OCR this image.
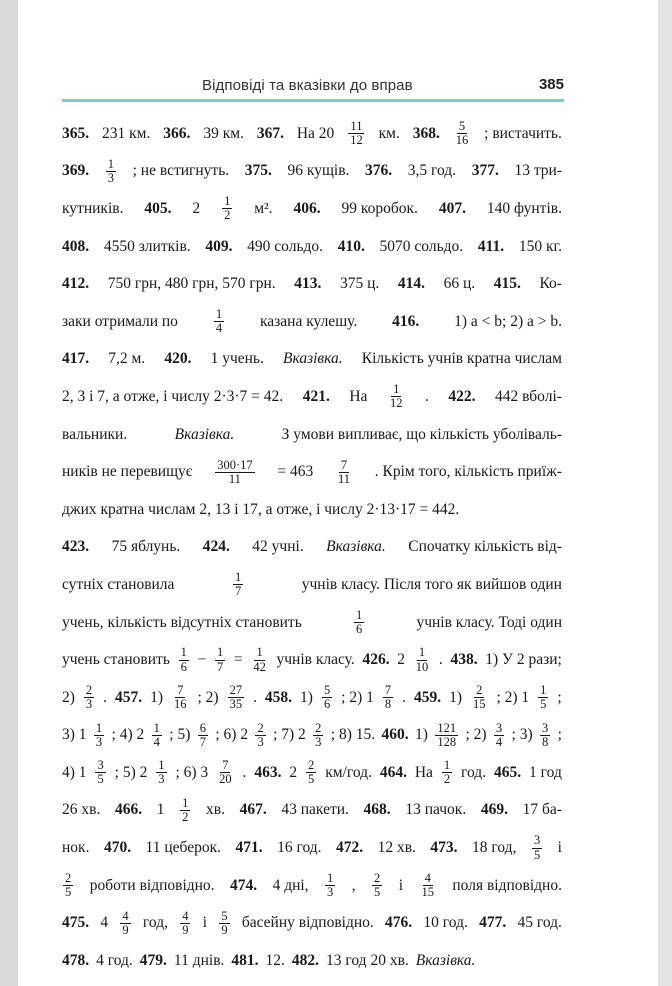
Відповіді та вказівки до вправ	385
365. 231 км. 366. 39 км. 367. На $20 \frac{11}{12}$ км. 368. $\frac{5}{16}$ ; вистачить.
369. $\frac{1}{3}$ ; не встигнуть. 375. 96 кущів. 376. 3,5 год. 377. 13 три-
кутників. 405. $2 \frac{1}{2} м^2$. 406. 99 коробок. 407. 140 фунтів.
408. 4550 злитків. 409. 490 сольдо. 410. 5070 сольдо. 411. 150 кг.
412. 750 грн, 480 грн, 570 грн. 413. 375 ц. 414. 66 ц. 415. Ко-
заки отримали по	$\frac{1}{4}$ казана кулешу. 416. 1) a < b; 2) a > b.
417. 7,2 м. 420. 1 учень. Вказівка. Кількість учнів кратна числам
2, 3 і 7, а отже, і числу 2·3·7 = 42. 421. На $\frac{1}{12}$ . 422. 442 вболі-
вальники.	Вказівка.	З умови випливає, що кількість уболіваль-
ників не перевищує $\frac{300\cdot 17}{11} = 463 \frac{7}{11}$ . Крім того, кількість приїж-
джих кратна числам 2, 13 і 17, а отже, і числу 2·13·17 = 442.
423. 75 яблунь. 424. 42 учні. Вказівка. Спочатку кількість від-
сутніх становила	$\frac{1}{7}$	учнів класу. Після того як вийшов один
учень, кількість відсутніх становить	$\frac{1}{6}$	учнів класу. Тоді один
учень становить $\frac{1}{6} - \frac{1}{7} = \frac{1}{42}$ учнів класу. 426. $2 \frac{1}{10}$ . 438. 1) У 2 рази;
$2) \frac{2}{3}$ . 457. $1) \frac{7}{16}$ ; $2) \frac{27}{35}$ . 458. $1) \frac{5}{6}$ ; 2) $1 \frac{7}{8}$ . 459. $1) \frac{2}{15}$ ; 2) $1 \frac{1}{5}$ ;
3) $1 \frac{1}{3}$ ; 4) $2 \frac{1}{4}$ ; $5) \frac{6}{7}$ ; 6) $2 \frac{2}{3}$ ; 7) $2 \frac{2}{3}$ ; 8) 15. 460. $1) \frac{121}{128}$ ; $2) \frac{3}{4}$ ; $3) \frac{3}{8}$ ;
4) $1 \frac{3}{5}$ ; 5) $2 \frac{1}{3}$ ; 6) $3 \frac{7}{20}$ . 463. $2 \frac{2}{5} км/год$. 464. На $\frac{1}{2}$ год. 465. 1 год
26 хв. 466. $1 \frac{1}{2}$ хв. 467. 43 пакети. 468. 13 пачок. 469. 17 ба-
нок. 470. 11 цеберок. 471. 16 год. 472. 12 хв. 473. 18 год, $\frac{3}{5}$ і
$\frac{2}{5}$ роботи відповідно. 474. 4 дні, $\frac{1}{3}$ , $\frac{2}{5}$ і $\frac{4}{15}$ поля відповідно.
475. $4 \frac{4}{9}$ год, $\frac{4}{9}$ і $\frac{5}{9}$ басейну відповідно. 476. 10 год. 477. 45 год.
478. 4 год. 479. 11 днів. 481. 12. 482. 13 год 20 хв. Вказівка.
